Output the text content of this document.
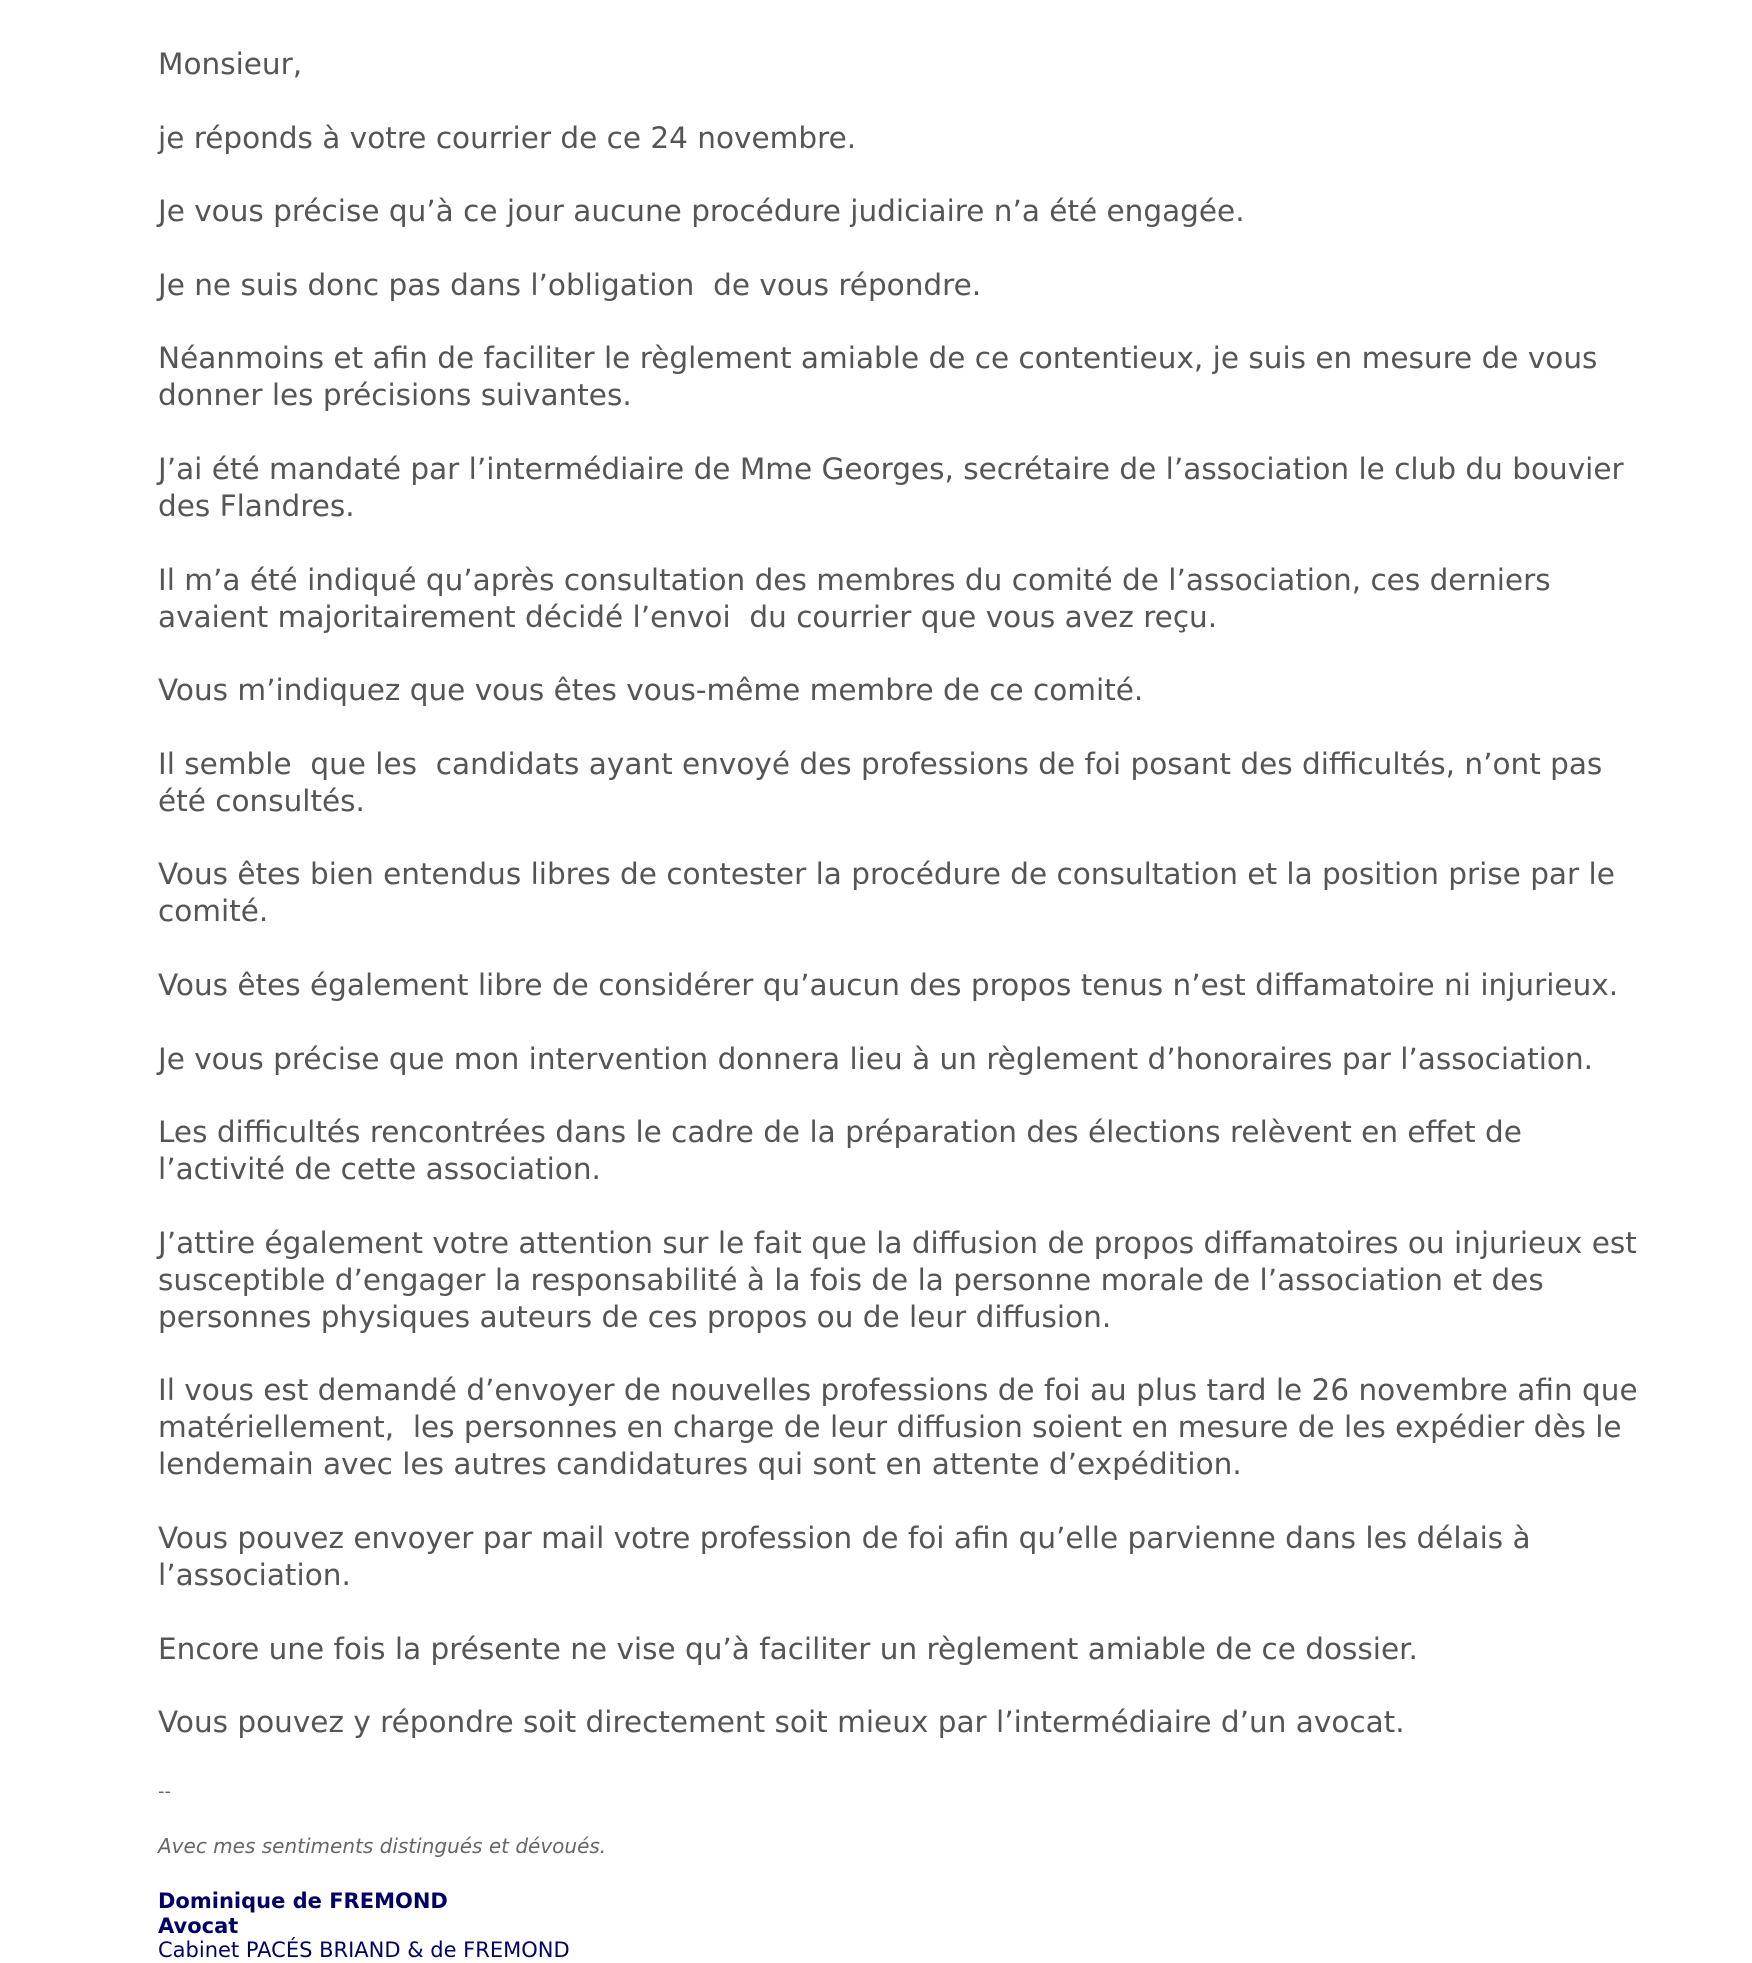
Monsieur,

je réponds à votre courrier de ce 24 novembre.

Je vous précise qu’à ce jour aucune procédure judiciaire n’a été engagée.

Je ne suis donc pas dans l’obligation  de vous répondre.

Néanmoins et afin de faciliter le règlement amiable de ce contentieux, je suis en mesure de vous
donner les précisions suivantes.

J’ai été mandaté par l’intermédiaire de Mme Georges, secrétaire de l’association le club du bouvier
des Flandres.

Il m’a été indiqué qu’après consultation des membres du comité de l’association, ces derniers
avaient majoritairement décidé l’envoi  du courrier que vous avez reçu.

Vous m’indiquez que vous êtes vous-même membre de ce comité.

Il semble  que les  candidats ayant envoyé des professions de foi posant des difficultés, n’ont pas
été consultés.

Vous êtes bien entendus libres de contester la procédure de consultation et la position prise par le
comité.

Vous êtes également libre de considérer qu’aucun des propos tenus n’est diffamatoire ni injurieux.

Je vous précise que mon intervention donnera lieu à un règlement d’honoraires par l’association.

Les difficultés rencontrées dans le cadre de la préparation des élections relèvent en effet de
l’activité de cette association.

J’attire également votre attention sur le fait que la diffusion de propos diffamatoires ou injurieux est
susceptible d’engager la responsabilité à la fois de la personne morale de l’association et des
personnes physiques auteurs de ces propos ou de leur diffusion.

Il vous est demandé d’envoyer de nouvelles professions de foi au plus tard le 26 novembre afin que
matériellement,  les personnes en charge de leur diffusion soient en mesure de les expédier dès le
lendemain avec les autres candidatures qui sont en attente d’expédition.

Vous pouvez envoyer par mail votre profession de foi afin qu’elle parvienne dans les délais à
l’association.

Encore une fois la présente ne vise qu’à faciliter un règlement amiable de ce dossier.

Vous pouvez y répondre soit directement soit mieux par l’intermédiaire d’un avocat.

--
Avec mes sentiments distingués et dévoués.
Dominique de FREMOND
Avocat
Cabinet PACÉS BRIAND & de FREMOND
